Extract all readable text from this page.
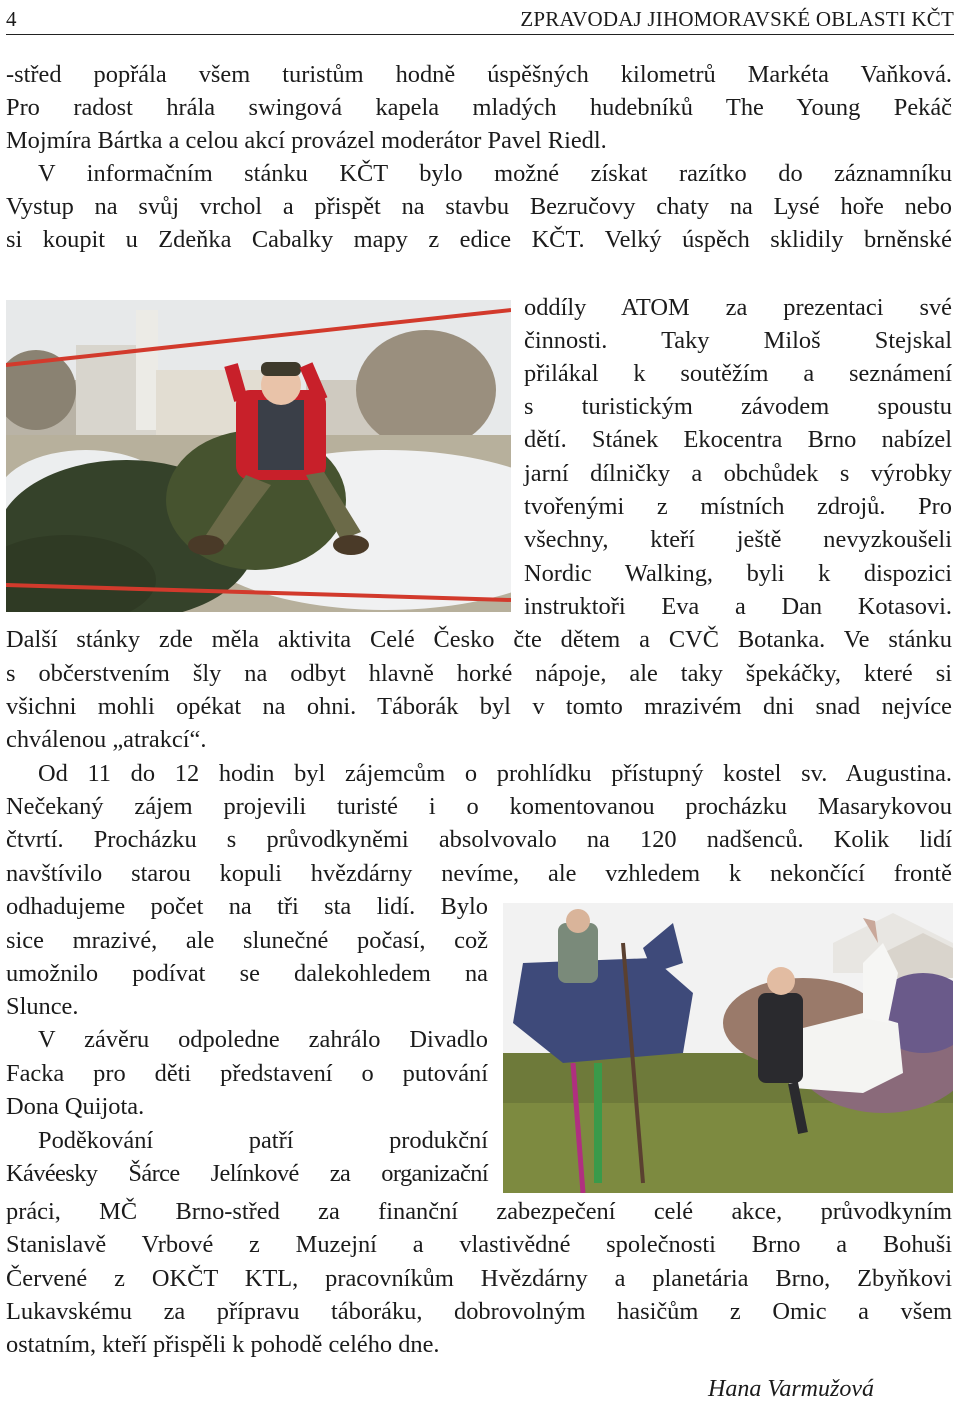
4	ZPRAVODAJ JIHOMORAVSKÉ OBLASTI KČT
-střed popřála všem turistům hodně úspěšných kilometrů Markéta Vaňková.
Pro radost hrála swingová kapela mladých hudebníků The Young Pekáč
Mojmíra Bártka a celou akcí provázel moderátor Pavel Riedl.
V informačním stánku KČT bylo možné získat razítko do záznamníku
Vystup na svůj vrchol a přispět na stavbu Bezručovy chaty na Lysé hoře nebo
si koupit u Zdeňka Cabalky mapy z edice KČT. Velký úspěch sklidily brněnské
oddíly ATOM za prezentaci své
činnosti. Taky Miloš Stejskal
přilákal k soutěžím a seznámení
s turistickým závodem spoustu
dětí. Stánek Ekocentra Brno nabízel
jarní dílničky a obchůdek s výrobky
tvořenými z místních zdrojů. Pro
všechny, kteří ještě nevyzkoušeli
Nordic Walking, byli k dispozici
instruktoři Eva a Dan Kotasovi.
Další stánky zde měla aktivita Celé Česko čte dětem a CVČ Botanka. Ve stánku
s občerstvením šly na odbyt hlavně horké nápoje, ale taky špekáčky, které si
všichni mohli opékat na ohni. Táborák byl v tomto mrazivém dni snad nejvíce
chválenou „atrakcí“.
Od 11 do 12 hodin byl zájemcům o prohlídku přístupný kostel sv. Augustina.
Nečekaný zájem projevili turisté i o komentovanou procházku Masarykovou
čtvrtí. Procházku s průvodkyněmi absolvovalo na 120 nadšenců. Kolik lidí
navštívilo starou kopuli hvězdárny nevíme, ale vzhledem k nekončící frontě
odhadujeme počet na tři sta lidí. Bylo
sice mrazivé, ale slunečné počasí, což
umožnilo podívat se dalekohledem na
Slunce.
V závěru odpoledne zahrálo Divadlo
Facka pro děti představení o putování
Dona Quijota.
Poděkování patří produkční
Kávéesky Šárce Jelínkové za organizační
práci, MČ Brno-střed za finanční zabezpečení celé akce, průvodkyním
Stanislavě Vrbové z Muzejní a vlastivědné společnosti Brno a Bohuši
Červené z OKČT KTL, pracovníkům Hvězdárny a planetária Brno, Zbyňkovi
Lukavskému za přípravu táboráku, dobrovolným hasičům z Omic a všem
ostatním, kteří přispěli k pohodě celého dne.
Hana Varmužová
